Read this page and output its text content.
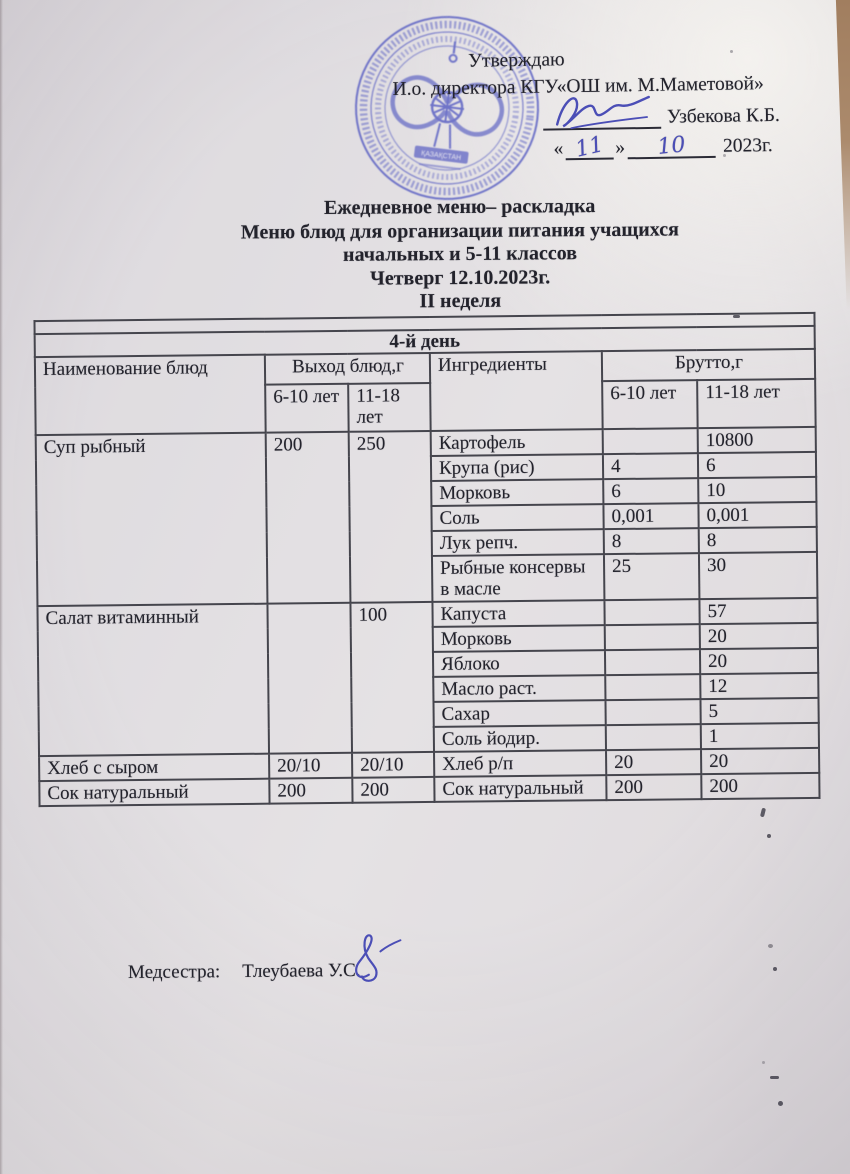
ҚАЗАҚСТАН
Утверждаю
И.о. директора КГУ«ОШ им. М.Маметовой»
Узбекова К.Б.
« 11 »	10	2023г.
Ежедневное меню– раскладка
Меню блюд для организации питания учащихся
начальных и 5-11 классов
Четверг 12.10.2023г.
II неделя

4-й день					
Наименование блюд	Выход блюд,г		Ингредиенты	Брутто,г	
	6-10 лет	11-18 лет		6-10 лет	11-18 лет
Суп рыбный	200	250	Картофель		10800
			Крупа (рис)	4	6
			Морковь	6	10
			Соль	0,001	0,001
			Лук репч.	8	8
			Рыбные консервы в масле	25	30
Салат витаминный		100	Капуста		57
			Морковь		20
			Яблоко		20
			Масло раст.		12
			Сахар		5
			Соль йодир.		1
Хлеб с сыром	20/10	20/10	Хлеб р/п	20	20
Сок натуральный	200	200	Сок натуральный	200	200
Медсестра: Тлеубаева У.С.
